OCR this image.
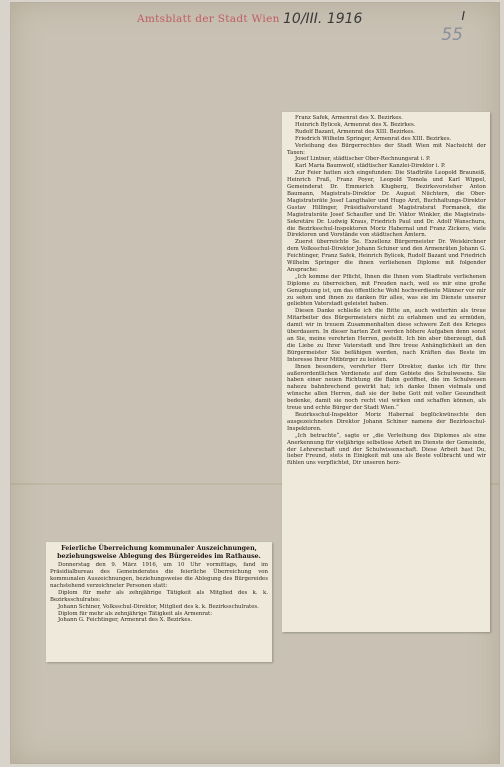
Amtsblatt der Stadt Wien 10/III. 1916	I
55

Franz Safek, Armenrat des X. Bezirkes.

Heinrich Bylicek, Armenrat des X. Bezirkes.

Rudolf Bazant, Armenrat des XIII. Bezirkes.

Friedrich Wilhelm Springer, Armenrat des XIII. Bezirkes.

Verleihung des Bürgerrechtes der Stadt Wien mit Nachsicht der Taxen:

Josef Lintner, städtischer Ober-Rechnungsrat i. P.

Karl Maria Baumwolf, städtischer Kanzlei-Direktor i. P.

Zur Feier hatten sich eingefunden: Die Stadträte Leopold Brauneiß, Heinrich Fraß, Franz Poyer, Leopold Tomola und Karl Wippel, Gemeinderat Dr. Emmerich Klugberg, Bezirksvorsteher Anton Baumann, Magistrats-Direktor Dr. August Nüchtern, die Ober-Magistratsräte Josef Langthaler und Hugo Arzt, Buchhaltungs-Direktor Gustav Hillinger, Präsidialvorstand Magistratsrat Formanek, die Magistratsräte Josef Schaufler und Dr. Viktor Winkler, die Magistrats-Sekretäre Dr. Ludwig Kraus, Friedrich Paul und Dr. Adolf Wanschura, die Bezirksschul-Inspektoren Moriz Habernal und Franz Zickero, viele Direktoren und Vorstände von städtischen Ämtern.

Zuerst überreichte Se. Exzellenz Bürgermeister Dr. Weiskirchner dem Volksschul-Direktor Johann Schiner und den Armenräten Johann G. Feichtinger, Franz Safek, Heinrich Bylicek, Rudolf Bazant und Friedrich Wilhelm Springer die ihnen verliehenen Diplome mit folgender Ansprache:

„Ich komme der Pflicht, Ihnen die Ihnen vom Stadtrate verliehenen Diplome zu überreichen, mit Freuden nach, weil es mir eine große Genugtuung ist, um das öffentliche Wohl hochverdiente Männer vor mir zu sehen und ihnen zu danken für alles, was sie im Dienste unserer geliebten Vaterstadt geleistet haben.

Diesen Danke schließe ich die Bitte an, auch weiterhin als treue Mitarbeiter des Bürgermeisters nicht zu erlahmen und zu ermüden, damit wir in treuem Zusammenhalten diese schwere Zeit des Krieges überdauern. In dieser harten Zeit werden höhere Aufgaben denn sonst an Sie, meine verehrten Herren, gestellt. Ich bin aber überzeugt, daß die Liebe zu Ihrer Vaterstadt und Ihre treue Anhänglichkeit an den Bürgermeister Sie befähigen werden, nach Kräften das Beste im Interesse Ihrer Mitbürger zu leisten.

Ihnen besonders, verehrter Herr Direktor, danke ich für Ihre außerordentlichen Verdienste auf dem Gebiete des Schulwesens. Sie haben einer neuen Richtung die Bahn geöffnet, die im Schulwesen nahezu bahnbrechend gewirkt hat; ich danke Ihnen vielmals und wünsche allen Herren, daß sie der liebe Gott mit voller Gesundheit bedenke, damit sie noch recht viel wirken und schaffen können, als treue und echte Bürger der Stadt Wien.“

Bezirksschul-Inspektor Moriz Habernal beglückwünschte den ausgezeichneten Direktor Johann Schiner namens der Bezirksschul-Inspektoren.

„Ich betrachte“, sagte er „die Verleihung des Diplomes als eine Anerkennung für vieljährige selbstlose Arbeit im Dienste der Gemeinde, der Lehrerschaft und der Schulwissenschaft. Diese Arbeit hast Du, lieber Freund, stets in Einigkeit mit uns als Beste vollbracht und wir fühlen uns verpflichtet, Dir unseren herz-

Feierliche Überreichung kommunaler Auszeichnungen, beziehungsweise Ablegung des Bürgereides im Rathause.

Donnerstag den 9. März 1916, um 10 Uhr vormittags, fand im Präsidialbureau des Gemeinderates die feierliche Überreichung von kommunalen Auszeichnungen, beziehungsweise die Ablegung des Bürgereides nachstehend verzeichneter Personen statt:

Diplom für mehr als zehnjährige Tätigkeit als Mitglied des k. k. Bezirksschulrates:

Johann Schiner, Volksschul-Direktor, Mitglied des k. k. Bezirksschulrates.

Diplom für mehr als zehnjährige Tätigkeit als Armenrat:

Johann G. Feichtinger, Armenrat des X. Bezirkes.
